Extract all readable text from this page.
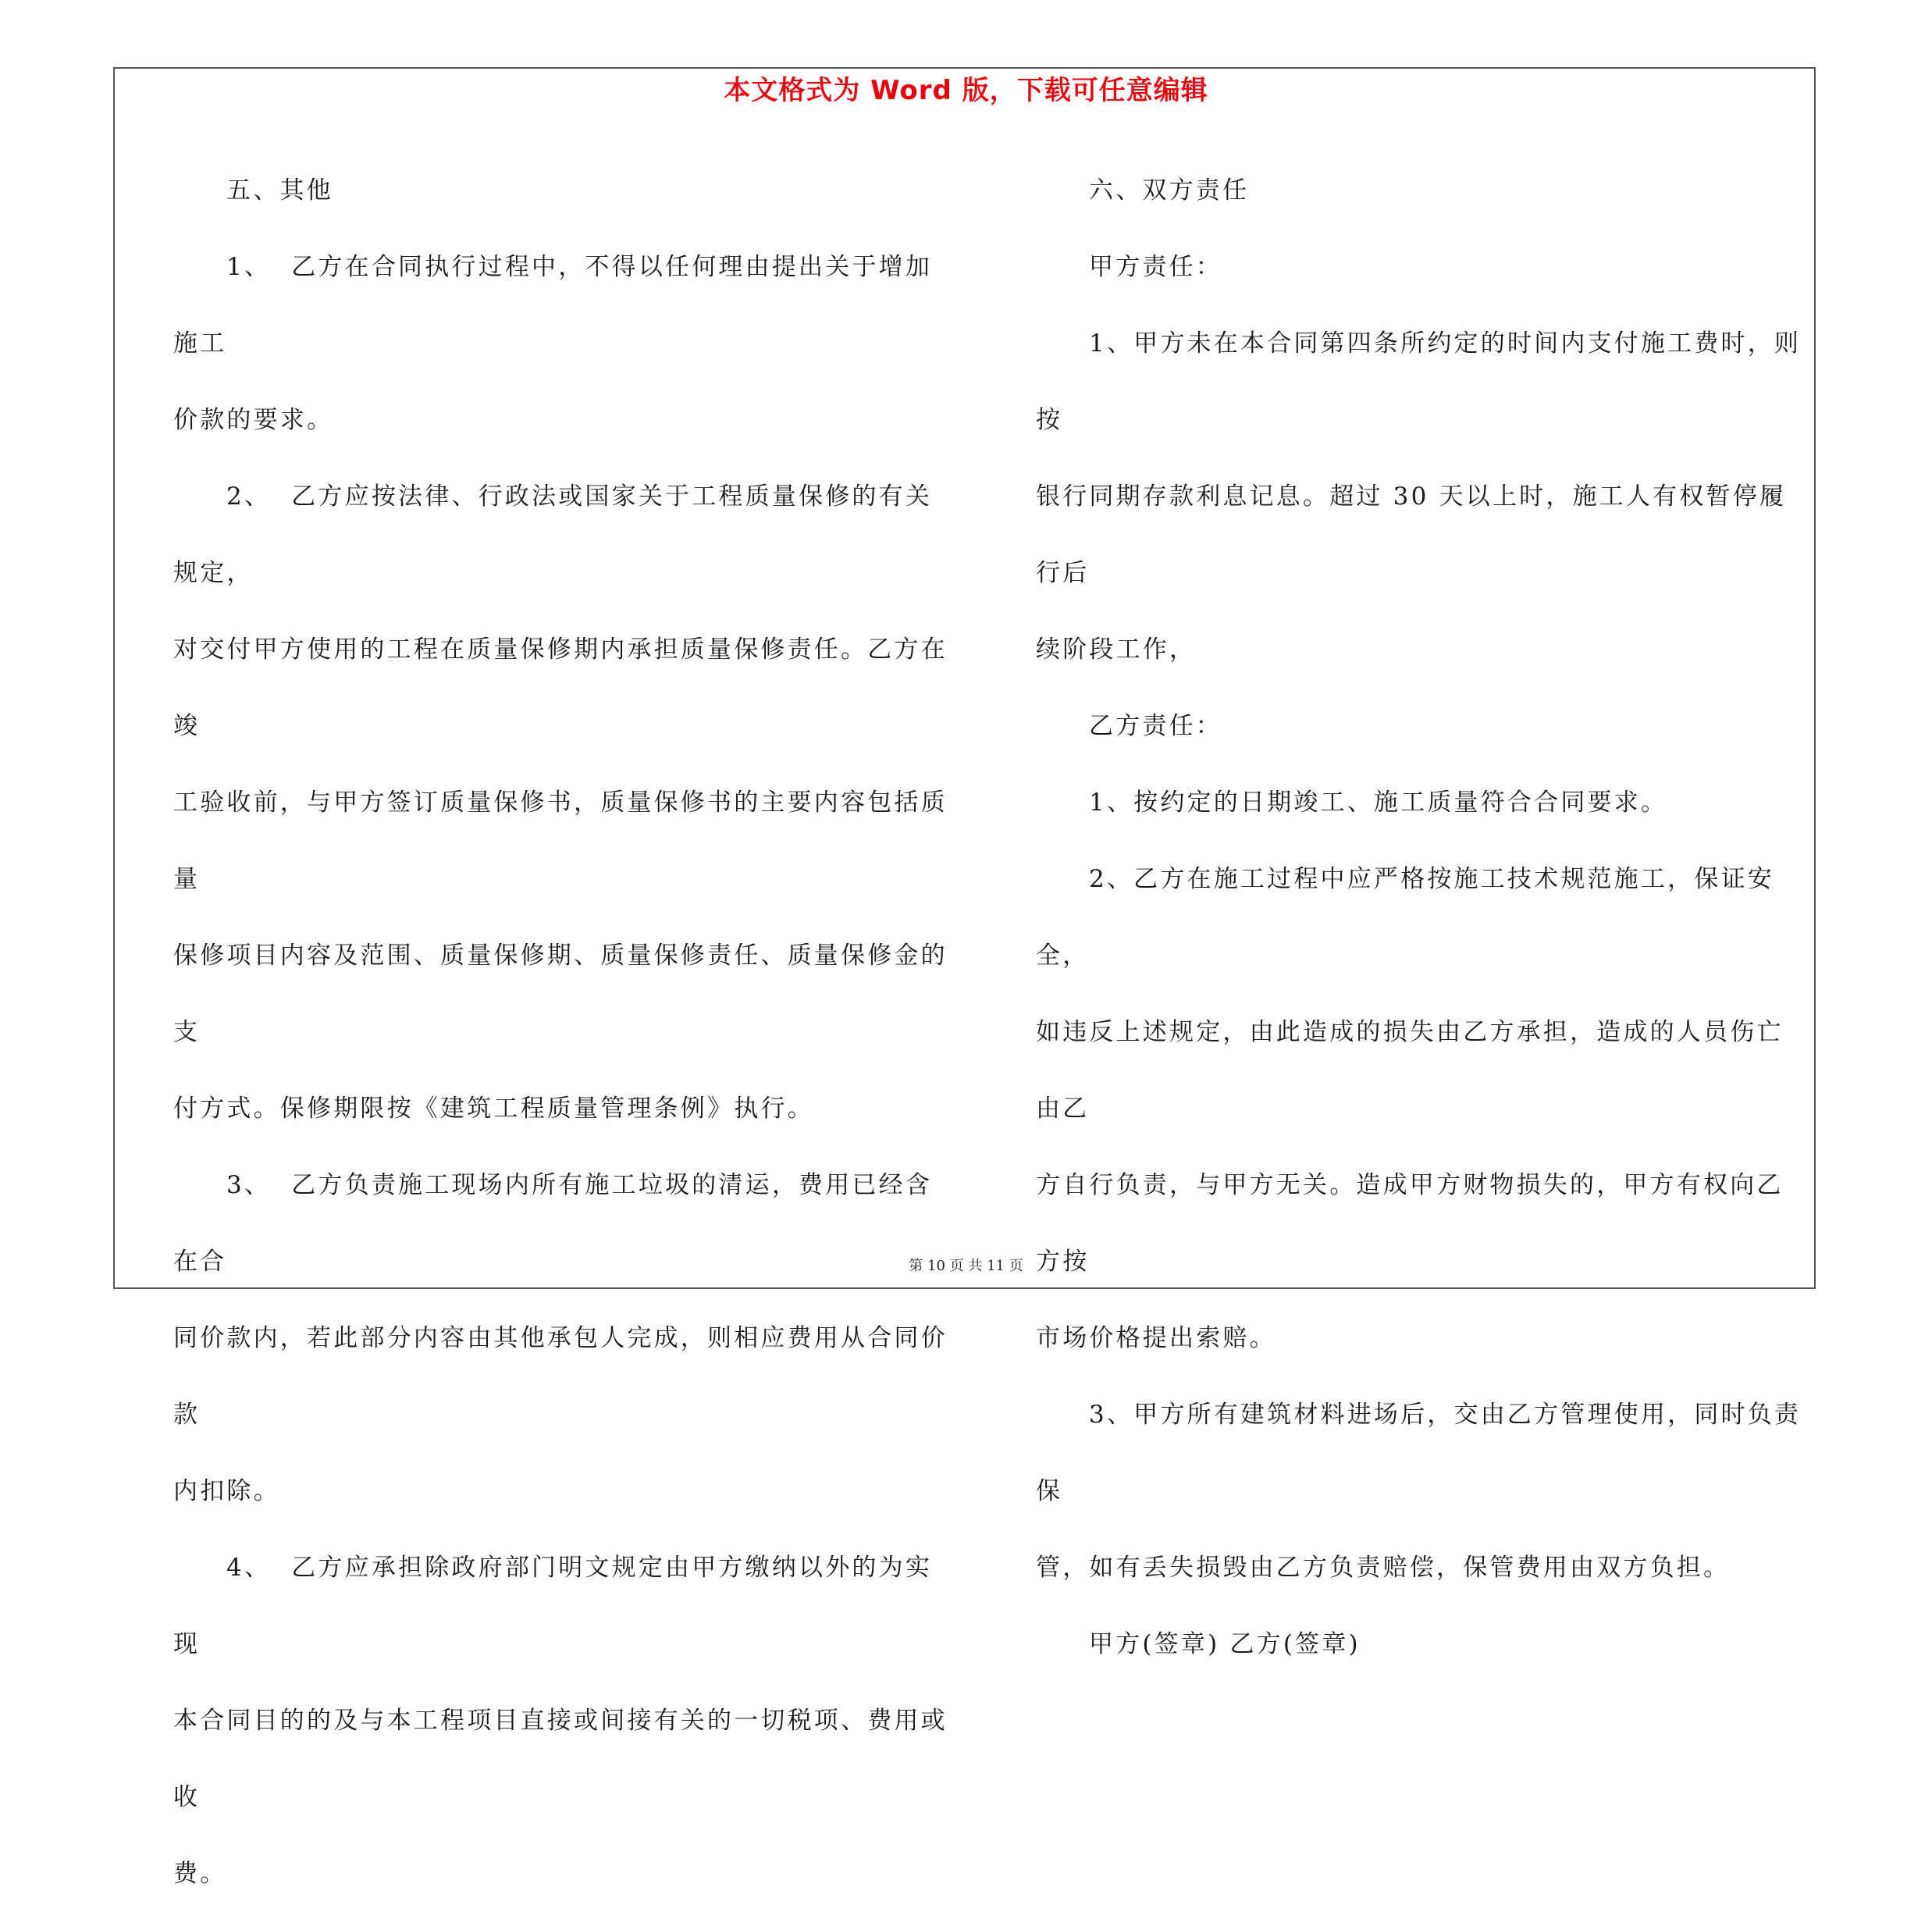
本文格式为 Word 版，下载可任意编辑

五、其他

1、  乙方在合同执行过程中，不得以任何理由提出关于增加施工

价款的要求。

2、  乙方应按法律、行政法或国家关于工程质量保修的有关规定，

对交付甲方使用的工程在质量保修期内承担质量保修责任。乙方在竣

工验收前，与甲方签订质量保修书，质量保修书的主要内容包括质量

保修项目内容及范围、质量保修期、质量保修责任、质量保修金的支

付方式。保修期限按《建筑工程质量管理条例》执行。

3、  乙方负责施工现场内所有施工垃圾的清运，费用已经含在合

同价款内，若此部分内容由其他承包人完成，则相应费用从合同价款

内扣除。

4、  乙方应承担除政府部门明文规定由甲方缴纳以外的为实现

本合同目的的及与本工程项目直接或间接有关的一切税项、费用或收

费。

六、双方责任

甲方责任：

1、甲方未在本合同第四条所约定的时间内支付施工费时，则按

银行同期存款利息记息。超过 30 天以上时，施工人有权暂停履行后

续阶段工作，

乙方责任：

1、按约定的日期竣工、施工质量符合合同要求。

2、乙方在施工过程中应严格按施工技术规范施工，保证安全，

如违反上述规定，由此造成的损失由乙方承担，造成的人员伤亡由乙

方自行负责，与甲方无关。造成甲方财物损失的，甲方有权向乙方按

市场价格提出索赔。

3、甲方所有建筑材料进场后，交由乙方管理使用，同时负责保

管，如有丢失损毁由乙方负责赔偿，保管费用由双方负担。

甲方(签章) 乙方(签章)

第 10 页 共 11 页
